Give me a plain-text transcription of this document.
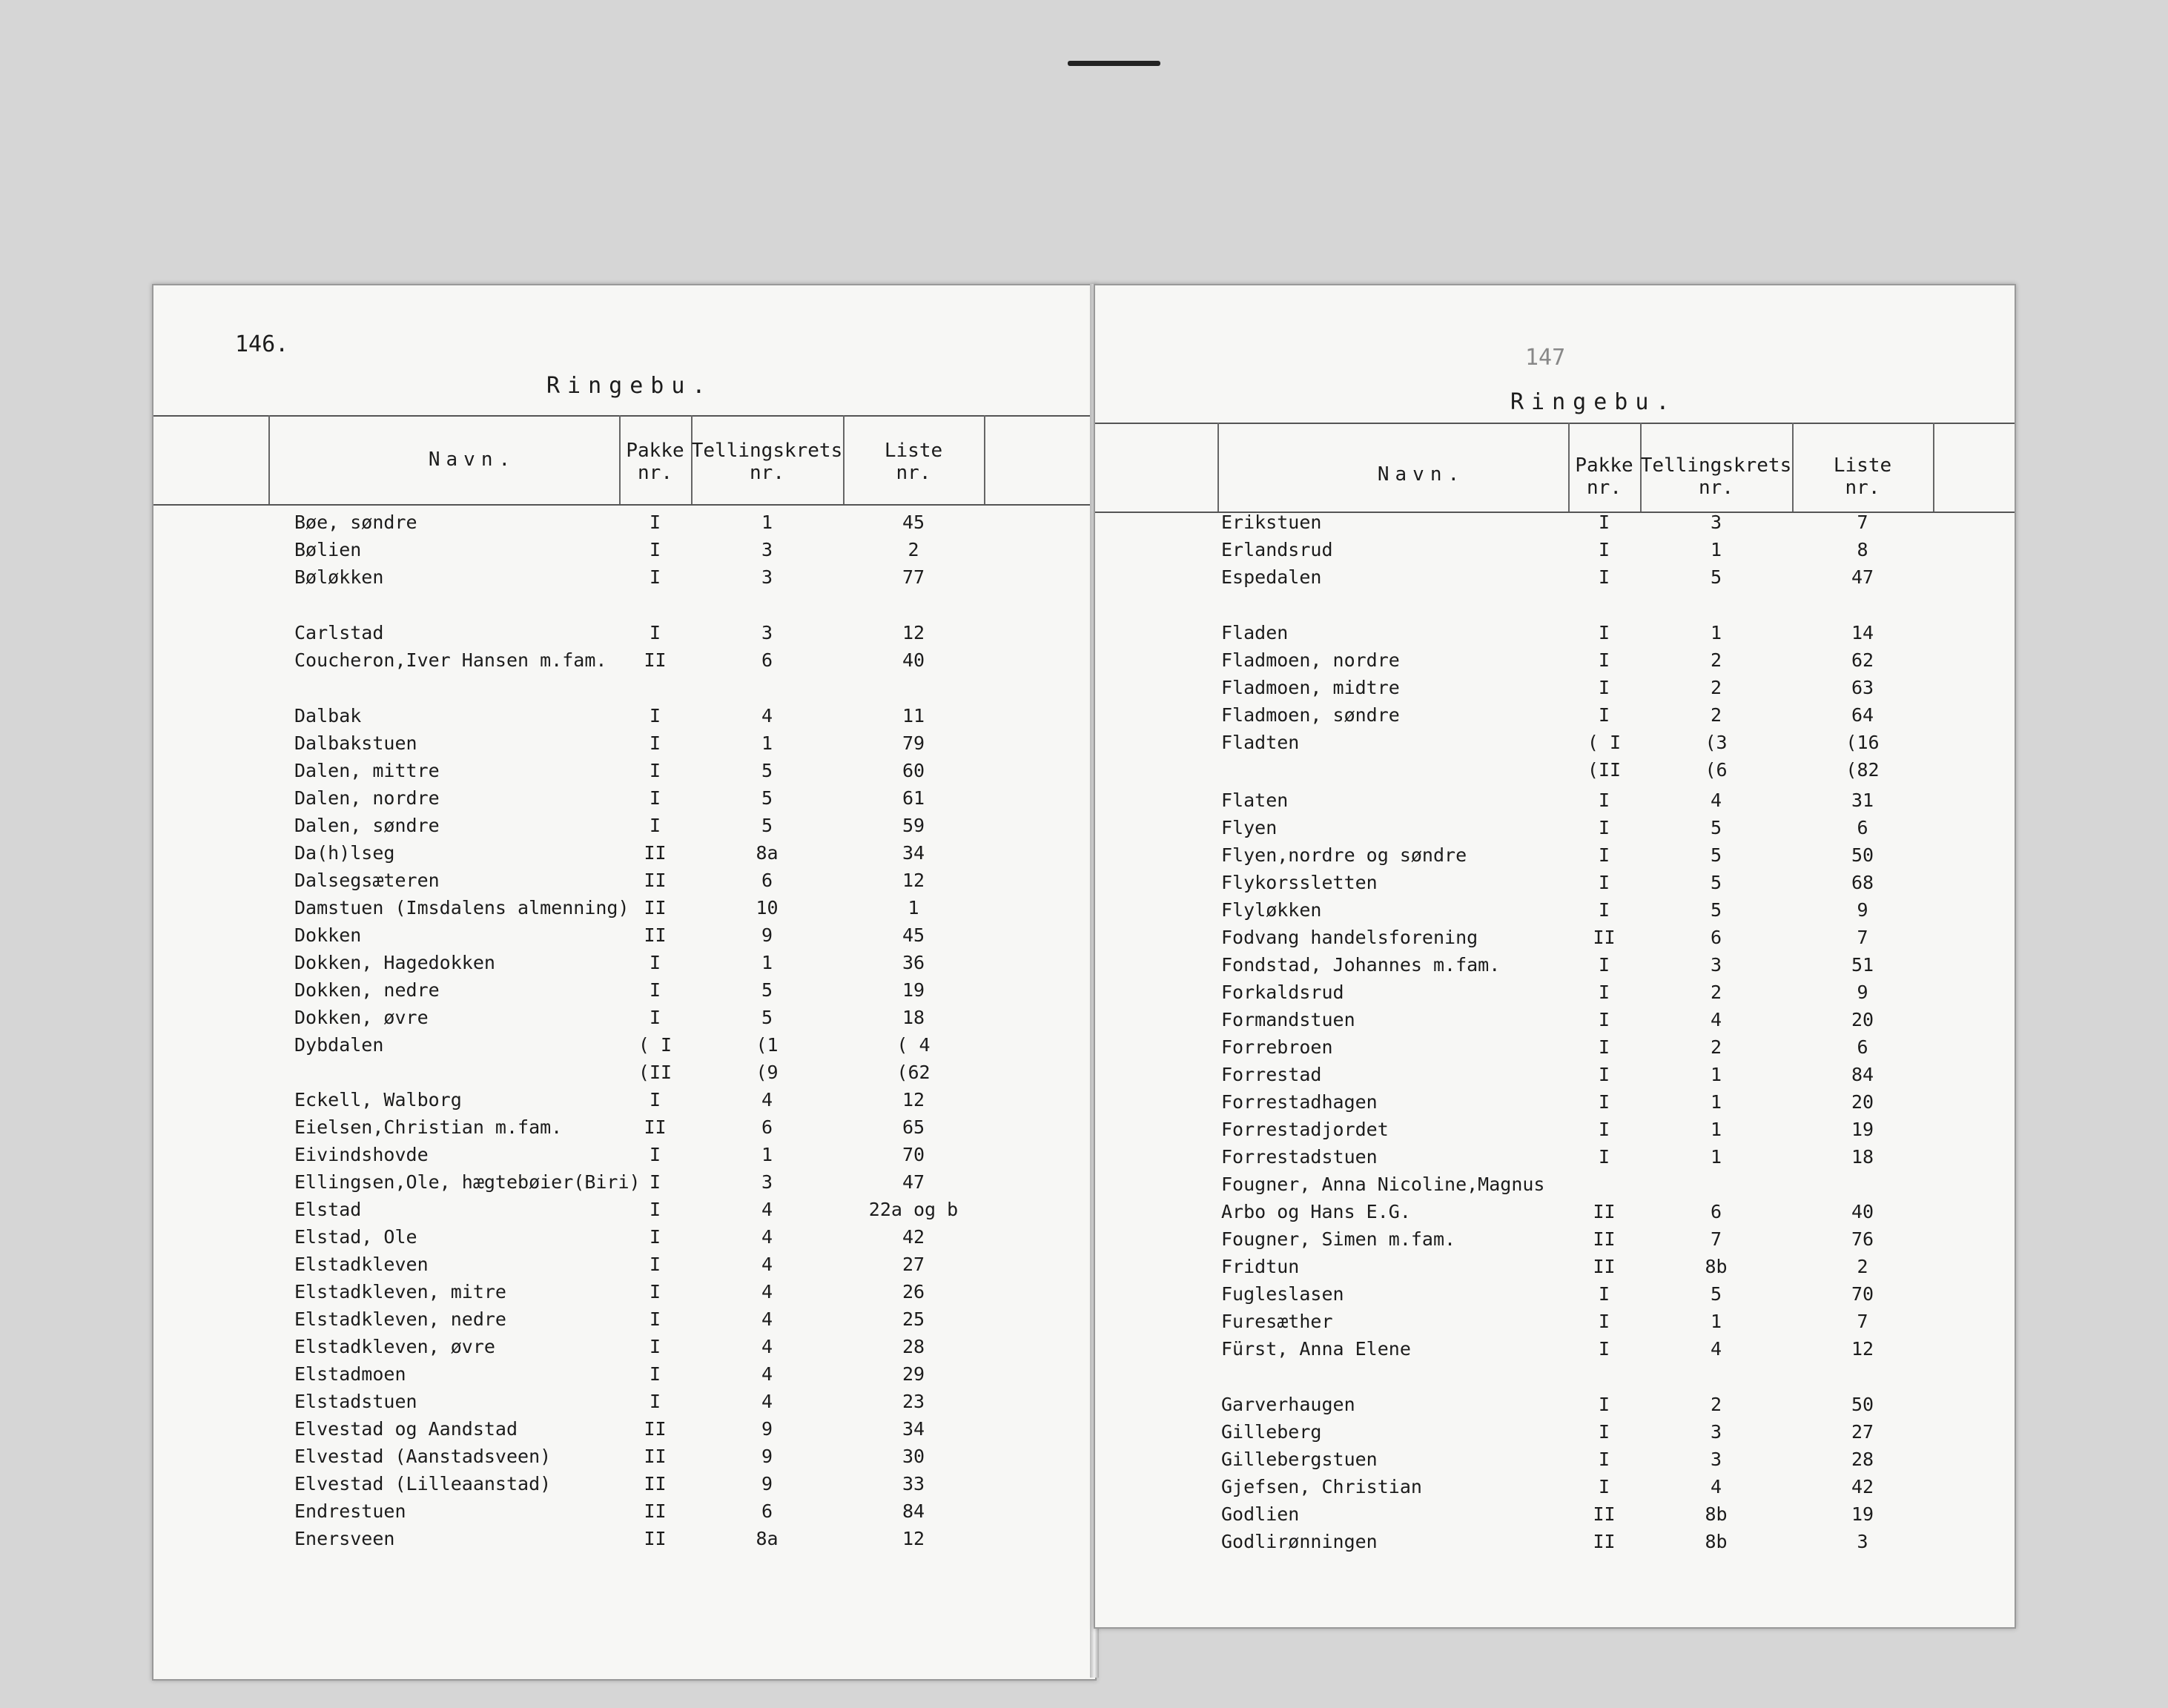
146.
Ringebu.
Navn.	Pakke
nr.
Tellingskrets
nr.
Liste
nr.
Bøe, søndre	I	1	45
Bølien	I	3	2
Bøløkken	I	3	77
Carlstad	I	3	12
Coucheron,Iver Hansen m.fam.	II	6	40
Dalbak	I	4	11
Dalbakstuen	I	1	79
Dalen, mittre	I	5	60
Dalen, nordre	I	5	61
Dalen, søndre	I	5	59
Da(h)lseg	II	8a	34
Dalsegsæteren	II	6	12
Damstuen (Imsdalens almenning) II	10	1
Dokken	II	9	45
Dokken, Hagedokken	I	1	36
Dokken, nedre	I	5	19
Dokken, øvre	I	5	18
Dybdalen	( I	(1	( 4
(II	(9	(62
Eckell, Walborg	I	4	12
Eielsen,Christian m.fam.	II	6	65
Eivindshovde	I	1	70
Ellingsen,Ole, hægtebøier(Biri) I	3	47
Elstad	I	4	22a og b
Elstad, Ole	I	4	42
Elstadkleven	I	4	27
Elstadkleven, mitre	I	4	26
Elstadkleven, nedre	I	4	25
Elstadkleven, øvre	I	4	28
Elstadmoen	I	4	29
Elstadstuen	I	4	23
Elvestad og Aandstad	II	9	34
Elvestad (Aanstadsveen)	II	9	30
Elvestad (Lilleaanstad)	II	9	33
Endrestuen	II	6	84
Enersveen	II	8a	12
147
Ringebu.
Navn.	Pakke
nr.
Tellingskrets
nr.
Liste
nr.
Erikstuen	I	3	7
Erlandsrud	I	1	8
Espedalen	I	5	47
Fladen	I	1	14
Fladmoen, nordre	I	2	62
Fladmoen, midtre	I	2	63
Fladmoen, søndre	I	2	64
Fladten	( I	(3	(16
(II	(6	(82
Flaten	I	4	31
Flyen	I	5	6
Flyen,nordre og søndre	I	5	50
Flykorssletten	I	5	68
Flyløkken	I	5	9
Fodvang handelsforening	II	6	7
Fondstad, Johannes m.fam.	I	3	51
Forkaldsrud	I	2	9
Formandstuen	I	4	20
Forrebroen	I	2	6
Forrestad	I	1	84
Forrestadhagen	I	1	20
Forrestadjordet	I	1	19
Forrestadstuen	I	1	18
Fougner, Anna Nicoline,Magnus
Arbo og Hans E.G.	II	6	40
Fougner, Simen m.fam.	II	7	76
Fridtun	II	8b	2
Fugleslasen	I	5	70
Furesæther	I	1	7
Fürst, Anna Elene	I	4	12
Garverhaugen	I	2	50
Gilleberg	I	3	27
Gillebergstuen	I	3	28
Gjefsen, Christian	I	4	42
Godlien	II	8b	19
Godlirønningen	II	8b	3
